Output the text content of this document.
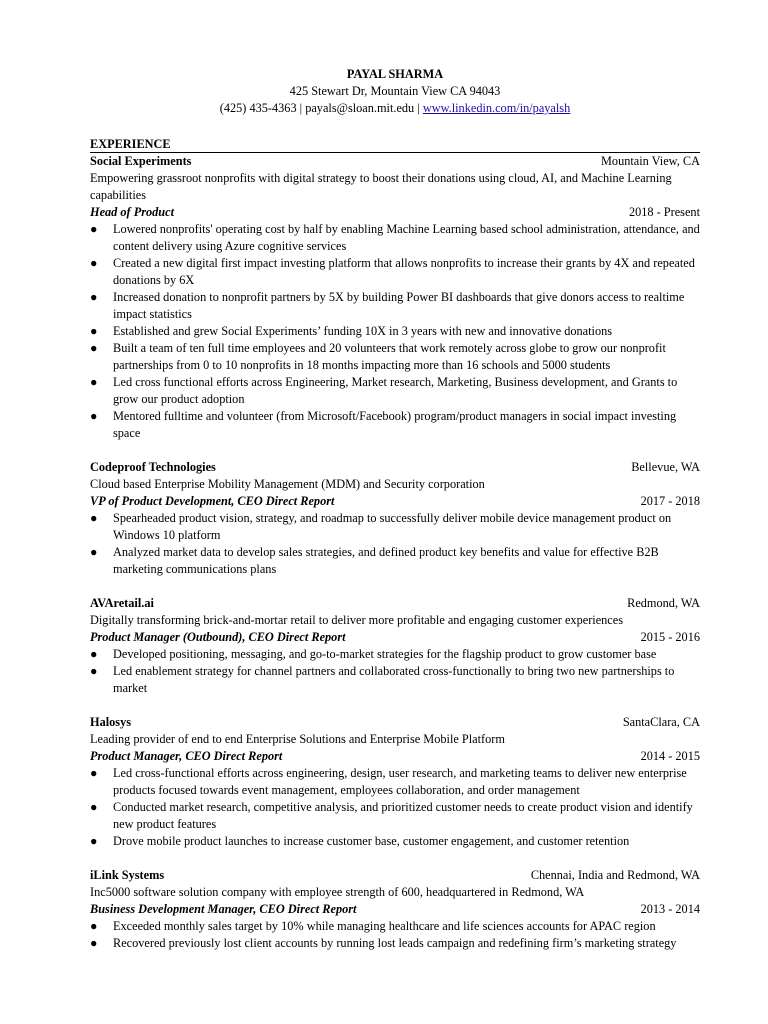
PAYAL SHARMA
425 Stewart Dr, Mountain View CA 94043
(425) 435-4363 | payals@sloan.mit.edu | www.linkedin.com/in/payalsh
EXPERIENCE
Social Experiments	Mountain View, CA
Empowering grassroot nonprofits with digital strategy to boost their donations using cloud, AI, and Machine Learning capabilities
Head of Product	2018 - Present
● Lowered nonprofits' operating cost by half by enabling Machine Learning based school administration, attendance, and content delivery using Azure cognitive services
● Created a new digital first impact investing platform that allows nonprofits to increase their grants by 4X and repeated donations by 6X
● Increased donation to nonprofit partners by 5X by building Power BI dashboards that give donors access to realtime impact statistics
● Established and grew Social Experiments’ funding 10X in 3 years with new and innovative donations
● Built a team of ten full time employees and 20 volunteers that work remotely across globe to grow our nonprofit partnerships from 0 to 10 nonprofits in 18 months impacting more than 16 schools and 5000 students
● Led cross functional efforts across Engineering, Market research, Marketing, Business development, and Grants to grow our product adoption
● Mentored fulltime and volunteer (from Microsoft/Facebook) program/product managers in social impact investing space
Codeproof Technologies	Bellevue, WA
Cloud based Enterprise Mobility Management (MDM) and Security corporation
VP of Product Development, CEO Direct Report	2017 - 2018
● Spearheaded product vision, strategy, and roadmap to successfully deliver mobile device management product on Windows 10 platform
● Analyzed market data to develop sales strategies, and defined product key benefits and value for effective B2B marketing communications plans
AVAretail.ai	Redmond, WA
Digitally transforming brick-and-mortar retail to deliver more profitable and engaging customer experiences
Product Manager (Outbound), CEO Direct Report	2015 - 2016
● Developed positioning, messaging, and go-to-market strategies for the flagship product to grow customer base
● Led enablement strategy for channel partners and collaborated cross-functionally to bring two new partnerships to market
Halosys	SantaClara, CA
Leading provider of end to end Enterprise Solutions and Enterprise Mobile Platform
Product Manager, CEO Direct Report	2014 - 2015
● Led cross-functional efforts across engineering, design, user research, and marketing teams to deliver new enterprise products focused towards event management, employees collaboration, and order management
● Conducted market research, competitive analysis, and prioritized customer needs to create product vision and identify new product features
● Drove mobile product launches to increase customer base, customer engagement, and customer retention
iLink Systems	Chennai, India and Redmond, WA
Inc5000 software solution company with employee strength of 600, headquartered in Redmond, WA
Business Development Manager, CEO Direct Report	2013 - 2014
● Exceeded monthly sales target by 10% while managing healthcare and life sciences accounts for APAC region
● Recovered previously lost client accounts by running lost leads campaign and redefining firm’s marketing strategy
